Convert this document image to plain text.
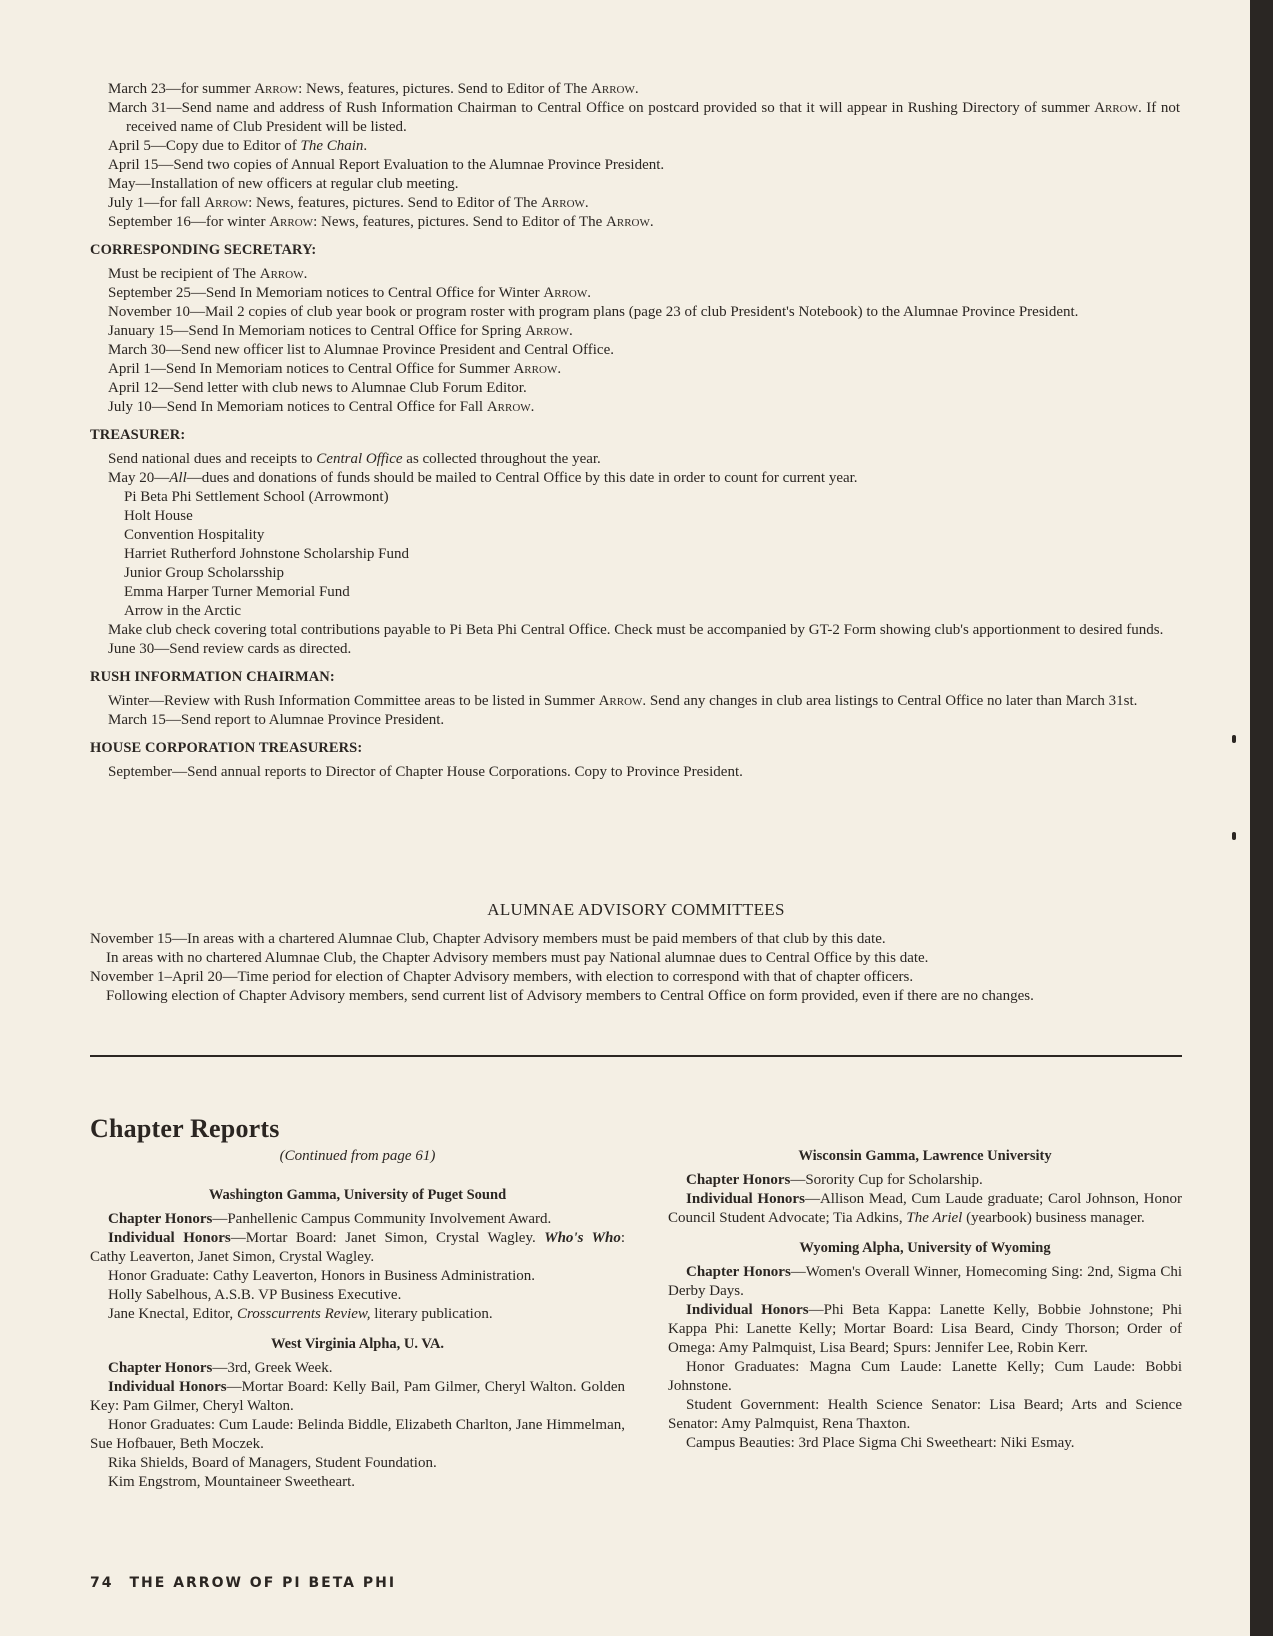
March 23—for summer Arrow: News, features, pictures. Send to Editor of The Arrow.

March 31—Send name and address of Rush Information Chairman to Central Office on postcard provided so that it will appear in Rushing Directory of summer Arrow. If not received name of Club President will be listed.

April 5—Copy due to Editor of The Chain.

April 15—Send two copies of Annual Report Evaluation to the Alumnae Province President.

May—Installation of new officers at regular club meeting.

July 1—for fall Arrow: News, features, pictures. Send to Editor of The Arrow.

September 16—for winter Arrow: News, features, pictures. Send to Editor of The Arrow.

CORRESPONDING SECRETARY:

Must be recipient of The Arrow.

September 25—Send In Memoriam notices to Central Office for Winter Arrow.

November 10—Mail 2 copies of club year book or program roster with program plans (page 23 of club President's Notebook) to the Alumnae Province President.

January 15—Send In Memoriam notices to Central Office for Spring Arrow.

March 30—Send new officer list to Alumnae Province President and Central Office.

April 1—Send In Memoriam notices to Central Office for Summer Arrow.

April 12—Send letter with club news to Alumnae Club Forum Editor.

July 10—Send In Memoriam notices to Central Office for Fall Arrow.

TREASURER:

Send national dues and receipts to Central Office as collected throughout the year.

May 20—All—dues and donations of funds should be mailed to Central Office by this date in order to count for current year.

Pi Beta Phi Settlement School (Arrowmont)

Holt House

Convention Hospitality

Harriet Rutherford Johnstone Scholarship Fund

Junior Group Scholarsship

Emma Harper Turner Memorial Fund

Arrow in the Arctic

Make club check covering total contributions payable to Pi Beta Phi Central Office. Check must be accompanied by GT-2 Form showing club's apportionment to desired funds.

June 30—Send review cards as directed.

RUSH INFORMATION CHAIRMAN:

Winter—Review with Rush Information Committee areas to be listed in Summer Arrow. Send any changes in club area listings to Central Office no later than March 31st.

March 15—Send report to Alumnae Province President.

HOUSE CORPORATION TREASURERS:

September—Send annual reports to Director of Chapter House Corporations. Copy to Province President.

ALUMNAE ADVISORY COMMITTEES

November 15—In areas with a chartered Alumnae Club, Chapter Advisory members must be paid members of that club by this date.

In areas with no chartered Alumnae Club, the Chapter Advisory members must pay National alumnae dues to Central Office by this date.

November 1–April 20—Time period for election of Chapter Advisory members, with election to correspond with that of chapter officers.

Following election of Chapter Advisory members, send current list of Advisory members to Central Office on form provided, even if there are no changes.

Chapter Reports

(Continued from page 61)

Washington Gamma, University of Puget Sound

Chapter Honors—Panhellenic Campus Community Involvement Award.

Individual Honors—Mortar Board: Janet Simon, Crystal Wagley. Who's Who: Cathy Leaverton, Janet Simon, Crystal Wagley.

Honor Graduate: Cathy Leaverton, Honors in Business Administration.

Holly Sabelhous, A.S.B. VP Business Executive.

Jane Knectal, Editor, Crosscurrents Review, literary publication.

West Virginia Alpha, U. VA.

Chapter Honors—3rd, Greek Week.

Individual Honors—Mortar Board: Kelly Bail, Pam Gilmer, Cheryl Walton. Golden Key: Pam Gilmer, Cheryl Walton.

Honor Graduates: Cum Laude: Belinda Biddle, Elizabeth Charlton, Jane Himmelman, Sue Hofbauer, Beth Moczek.

Rika Shields, Board of Managers, Student Foundation.

Kim Engstrom, Mountaineer Sweetheart.

Wisconsin Gamma, Lawrence University

Chapter Honors—Sorority Cup for Scholarship.

Individual Honors—Allison Mead, Cum Laude graduate; Carol Johnson, Honor Council Student Advocate; Tia Adkins, The Ariel (yearbook) business manager.

Wyoming Alpha, University of Wyoming

Chapter Honors—Women's Overall Winner, Homecoming Sing: 2nd, Sigma Chi Derby Days.

Individual Honors—Phi Beta Kappa: Lanette Kelly, Bobbie Johnstone; Phi Kappa Phi: Lanette Kelly; Mortar Board: Lisa Beard, Cindy Thorson; Order of Omega: Amy Palmquist, Lisa Beard; Spurs: Jennifer Lee, Robin Kerr.

Honor Graduates: Magna Cum Laude: Lanette Kelly; Cum Laude: Bobbi Johnstone.

Student Government: Health Science Senator: Lisa Beard; Arts and Science Senator: Amy Palmquist, Rena Thaxton.

Campus Beauties: 3rd Place Sigma Chi Sweetheart: Niki Esmay.

74 THE ARROW OF PI BETA PHI
